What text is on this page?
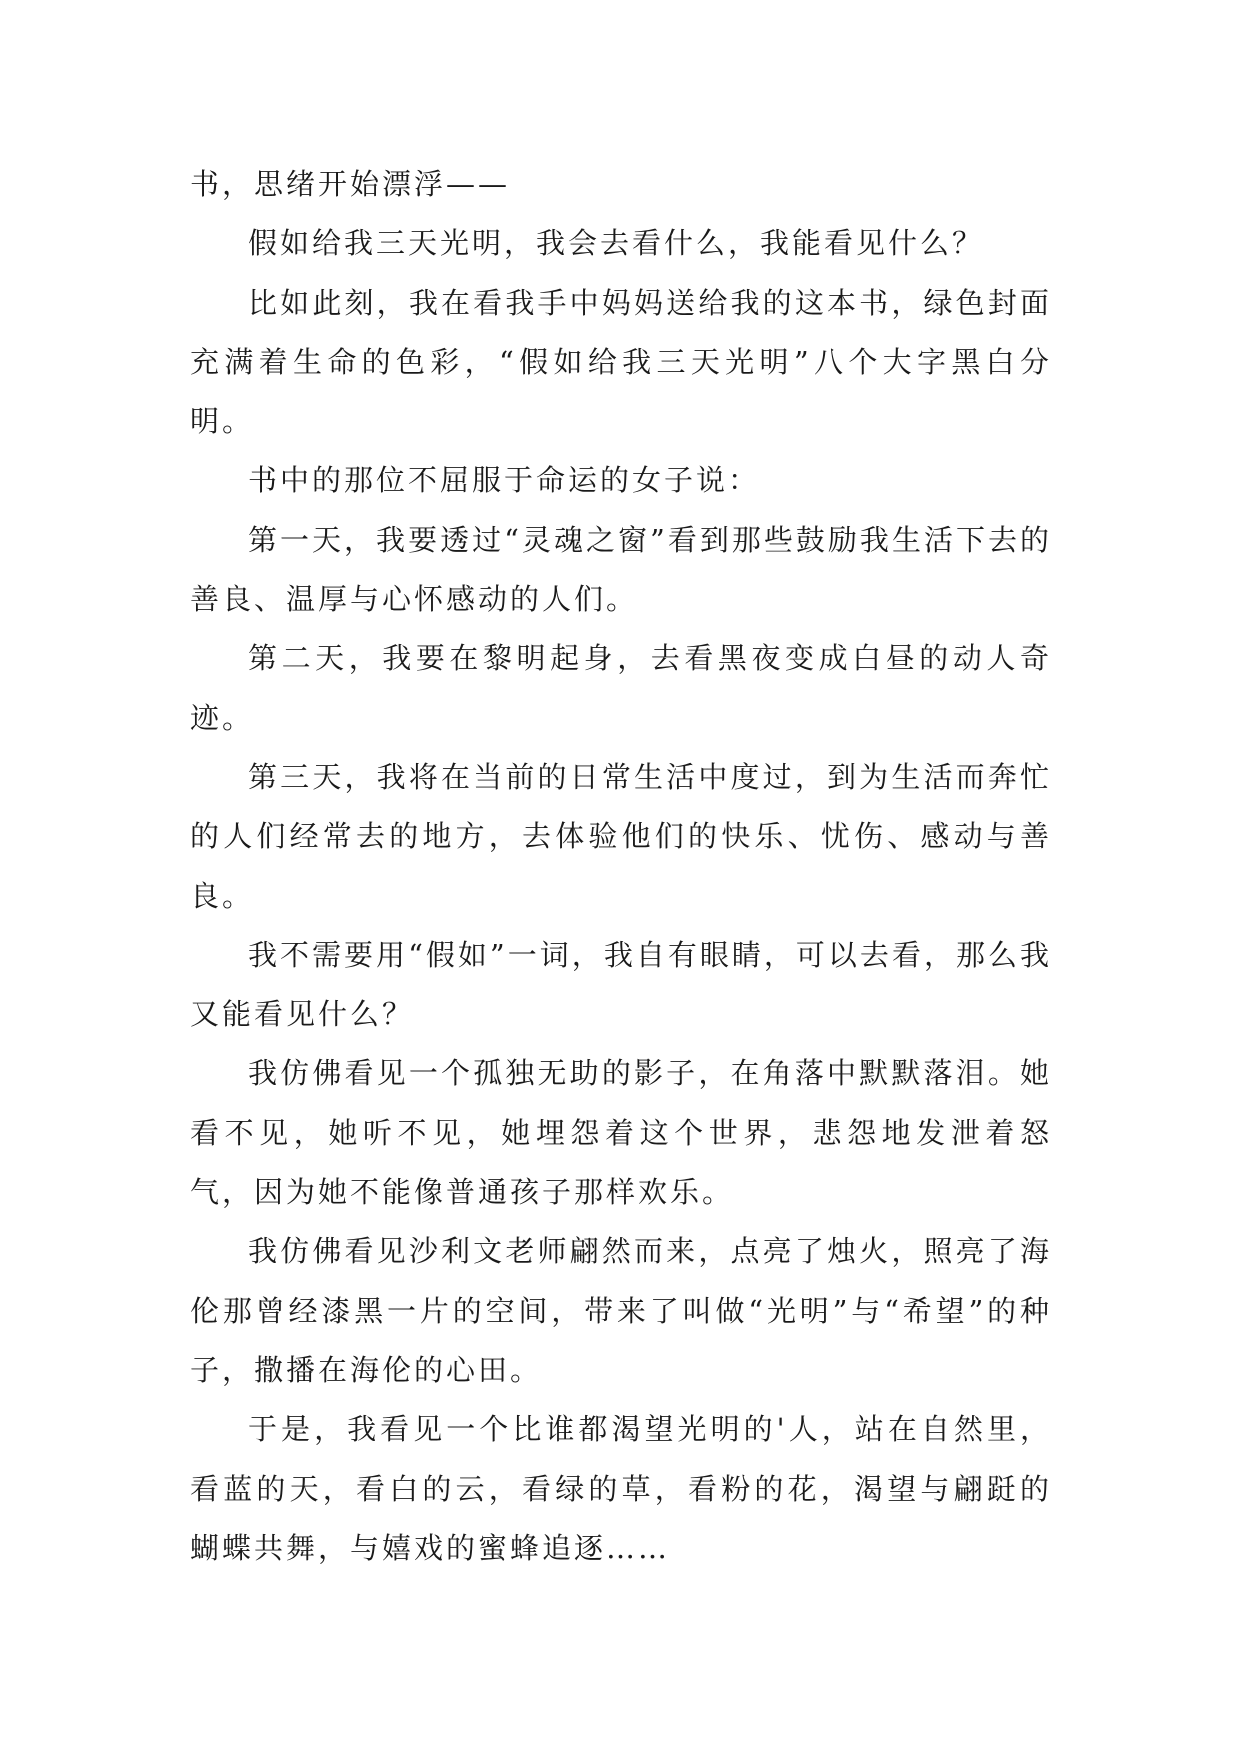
书，思绪开始漂浮——

假如给我三天光明，我会去看什么，我能看见什么？

比如此刻，我在看我手中妈妈送给我的这本书，绿色封面充满着生命的色彩，“假如给我三天光明”八个大字黑白分明。

书中的那位不屈服于命运的女子说：

第一天，我要透过“灵魂之窗”看到那些鼓励我生活下去的善良、温厚与心怀感动的人们。

第二天，我要在黎明起身，去看黑夜变成白昼的动人奇迹。

第三天，我将在当前的日常生活中度过，到为生活而奔忙的人们经常去的地方，去体验他们的快乐、忧伤、感动与善良。

我不需要用“假如”一词，我自有眼睛，可以去看，那么我又能看见什么？

我仿佛看见一个孤独无助的影子，在角落中默默落泪。她看不见，她听不见，她埋怨着这个世界，悲怨地发泄着怒气，因为她不能像普通孩子那样欢乐。

我仿佛看见沙利文老师翩然而来，点亮了烛火，照亮了海伦那曾经漆黑一片的空间，带来了叫做“光明”与“希望”的种子，撒播在海伦的心田。

于是，我看见一个比谁都渴望光明的'人，站在自然里，看蓝的天，看白的云，看绿的草，看粉的花，渴望与翩跹的蝴蝶共舞，与嬉戏的蜜蜂追逐……
